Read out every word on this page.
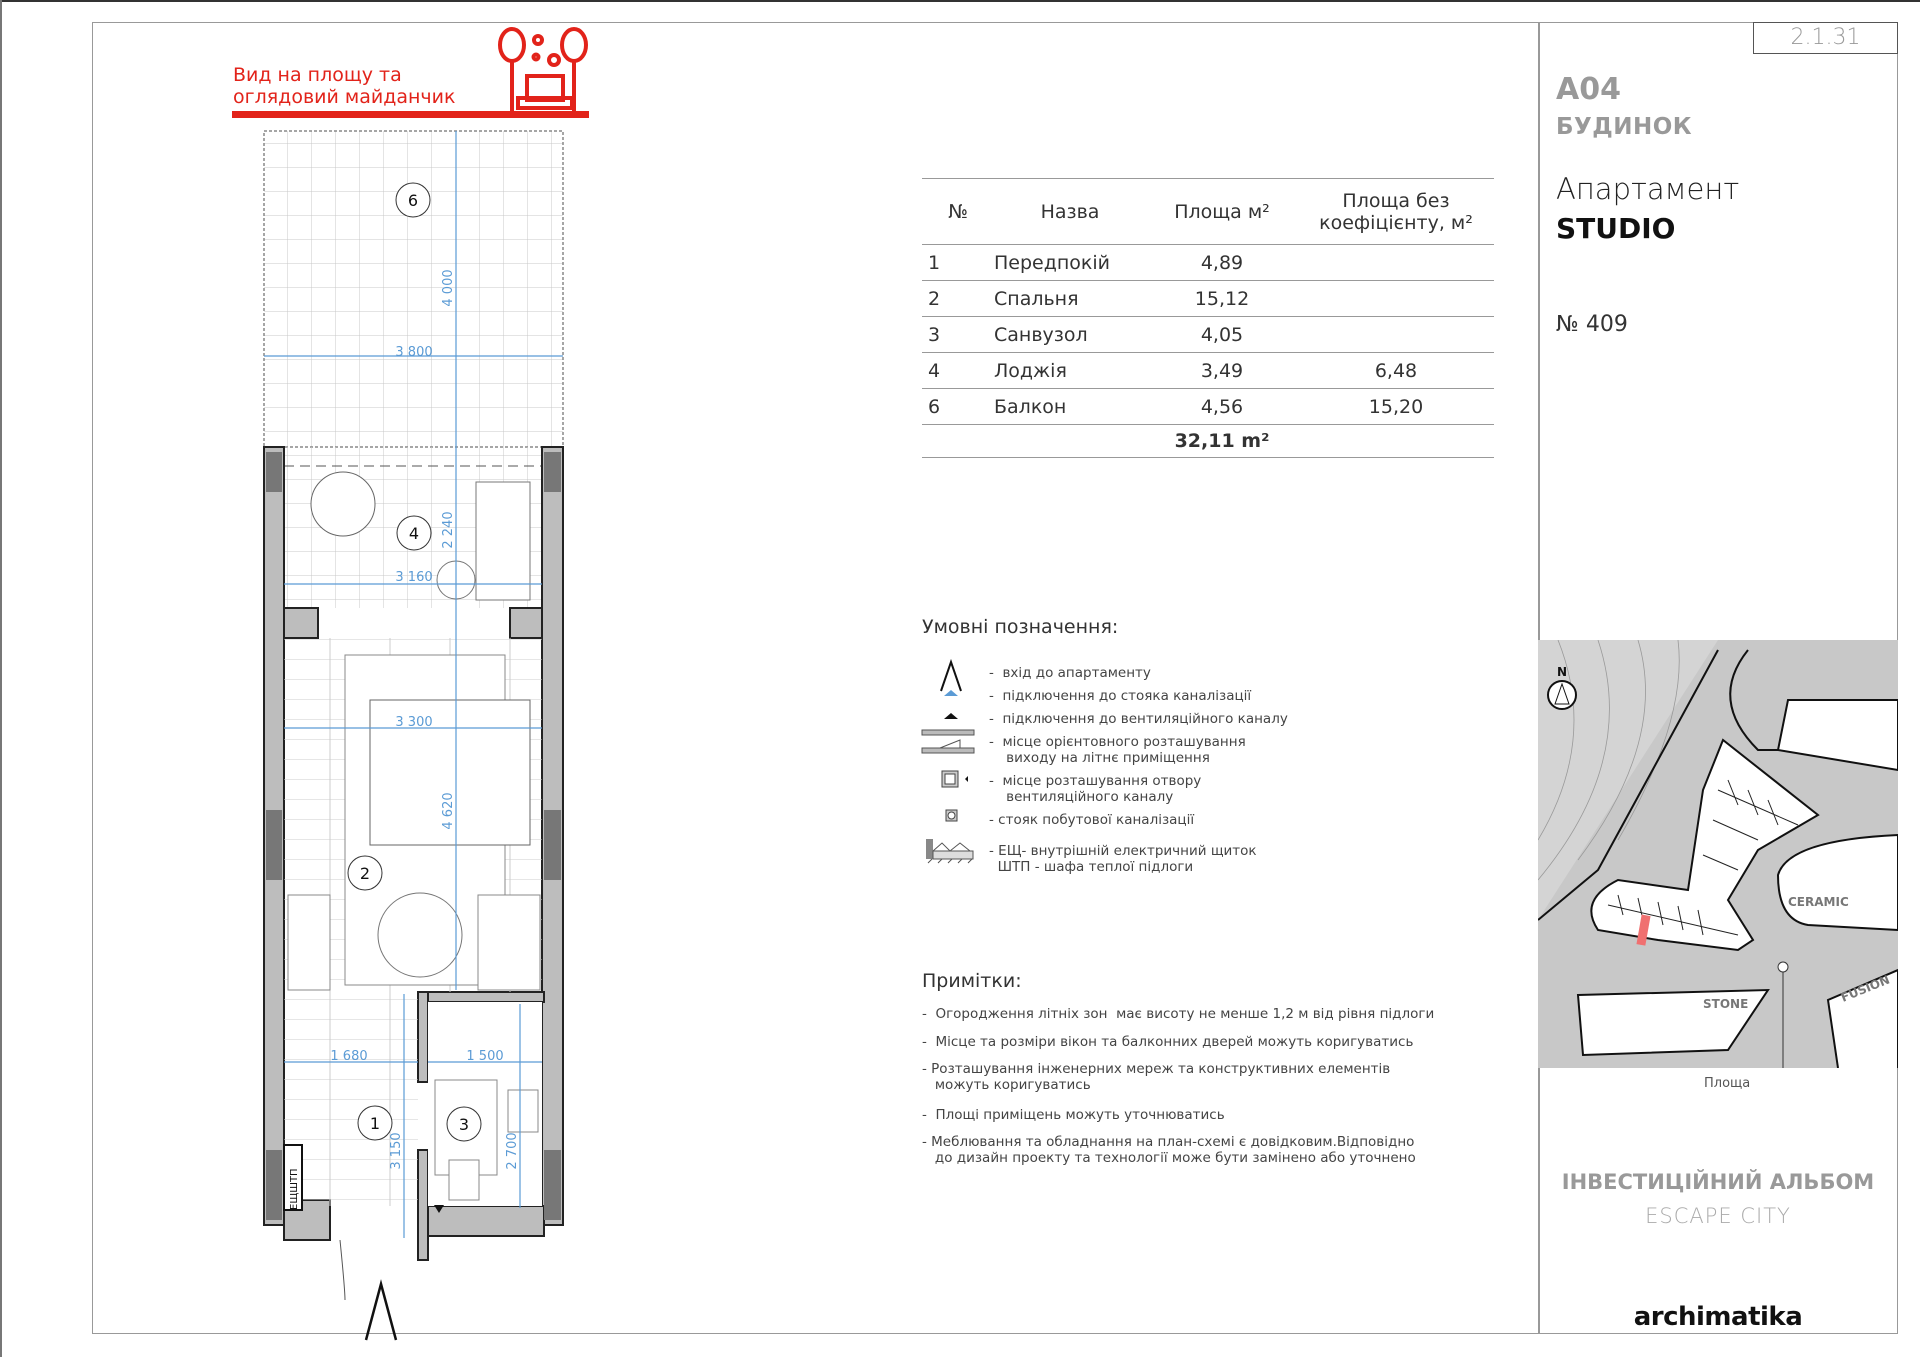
3 800
4 000
3 160
2 240
3 300
4 620
1 680	1 500
3 150	2 700
6
4
2
1	3
ЕЩШТП
Вид на площу та
оглядовий майданчик
№	Назва	Площа м²	Площа без
коефіцієнту, м²
1	Передпокій	4,89	
2	Спальня	15,12	
3	Санвузол	4,05	
4	Лоджія	3,49	6,48
6	Балкон	4,56	15,20
		32,11 m²	
Умовні позначення:
-  вхід до апартаменту
-  підключення до стояка каналізації
-  підключення до вентиляційного каналу
-  місце орієнтовного розташування
виходу на літнє приміщення
-  місце розташування отвору
вентиляційного каналу
- стояк побутової каналізації
- ЕЩ- внутрішній електричний щиток
ШТП - шафа теплої підлоги
Примітки:
-  Огородження літніх зон  має висоту не менше 1,2 м від рівня підлоги
-  Місце та розміри вікон та балконних дверей можуть коригуватись
- Розташування інженерних мереж та конструктивних елементів
можуть коригуватись
-  Площі приміщень можуть уточнюватись
- Меблювання та обладнання на план-схемі є довідковим.Відповідно
до дизайн проекту та технології може бути замінено або уточнено
2.1.31
A04
БУДИНОК
Апартамент
STUDIO
№ 409
N
CERAMIC
STONE	FUSION
Площа
ІНВЕСТИЦІЙНИЙ АЛЬБОМ
ESCAPE CITY
archimatika
